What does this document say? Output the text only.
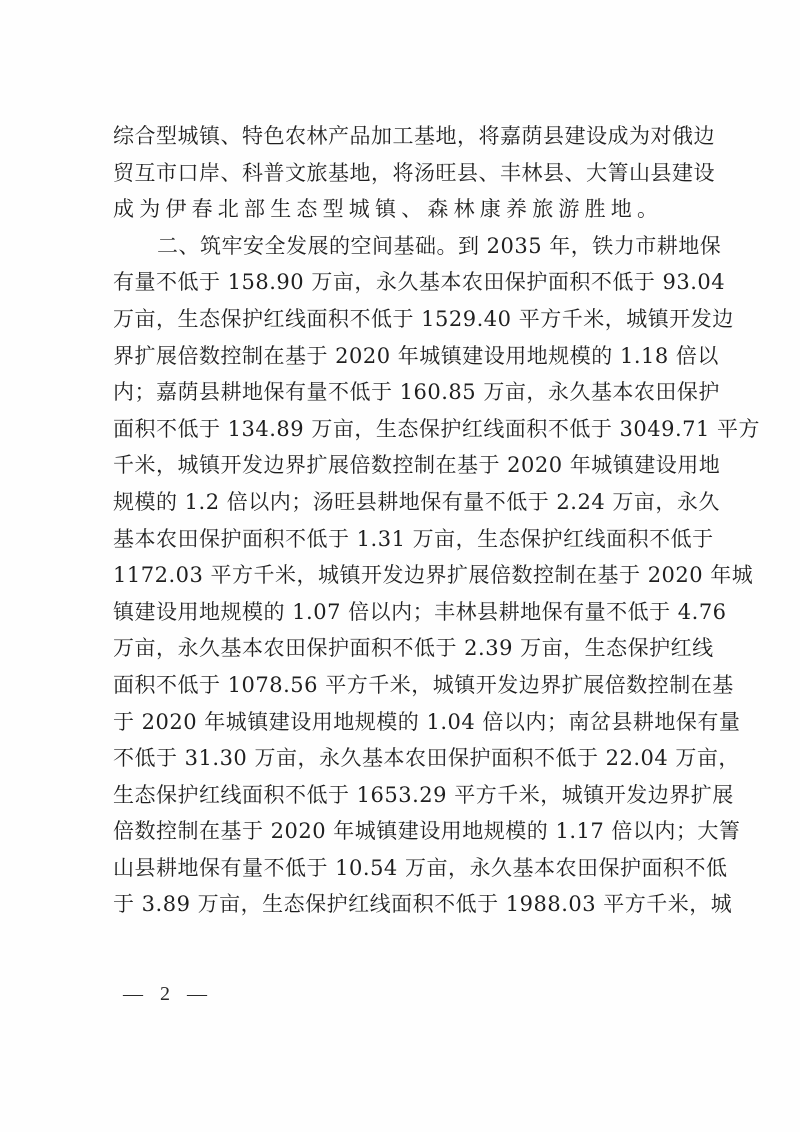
综合型城镇、特色农林产品加工基地，将嘉荫县建设成为对俄边
贸互市口岸、科普文旅基地，将汤旺县、丰林县、大箐山县建设
成为伊春北部生态型城镇、森林康养旅游胜地。
二、筑牢安全发展的空间基础。到 2035 年，铁力市耕地保
有量不低于 158.90 万亩，永久基本农田保护面积不低于 93.04
万亩，生态保护红线面积不低于 1529.40 平方千米，城镇开发边
界扩展倍数控制在基于 2020 年城镇建设用地规模的 1.18 倍以
内；嘉荫县耕地保有量不低于 160.85 万亩，永久基本农田保护
面积不低于 134.89 万亩，生态保护红线面积不低于 3049.71 平方
千米，城镇开发边界扩展倍数控制在基于 2020 年城镇建设用地
规模的 1.2 倍以内；汤旺县耕地保有量不低于 2.24 万亩，永久
基本农田保护面积不低于 1.31 万亩，生态保护红线面积不低于
1172.03 平方千米，城镇开发边界扩展倍数控制在基于 2020 年城
镇建设用地规模的 1.07 倍以内；丰林县耕地保有量不低于 4.76
万亩，永久基本农田保护面积不低于 2.39 万亩，生态保护红线
面积不低于 1078.56 平方千米，城镇开发边界扩展倍数控制在基
于 2020 年城镇建设用地规模的 1.04 倍以内；南岔县耕地保有量
不低于 31.30 万亩，永久基本农田保护面积不低于 22.04 万亩，
生态保护红线面积不低于 1653.29 平方千米，城镇开发边界扩展
倍数控制在基于 2020 年城镇建设用地规模的 1.17 倍以内；大箐
山县耕地保有量不低于 10.54 万亩，永久基本农田保护面积不低
于 3.89 万亩，生态保护红线面积不低于 1988.03 平方千米，城
— 2 —
